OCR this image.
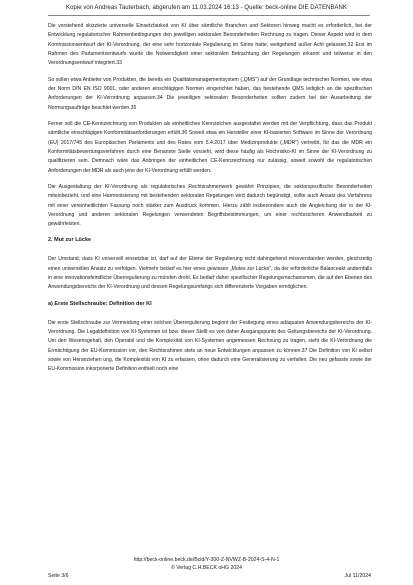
Kopie von Andreas Tauterbach, abgerufen am 11.03.2024 16:13 - Quelle: beck-online DIE DATENBANK

Die vorstehend skizzierte universelle Einsetzbarkeit von KI über sämtliche Branchen und Sektoren hinweg macht es erforderlich, bei der Entwicklung regulatorischer Rahmenbedingungen den jeweiligen sektoralen Besonderheiten Rechnung zu tragen. Dieser Aspekt wird in dem Kommissionsentwurf der KI-Verordnung, der eine sehr horizontale Regulierung im Sinne hatte, weitgehend außer Acht gelassen.32 Erst im Rahmen des Parlamentsentwurfs wurde die Notwendigkeit einer sektoralen Betrachtung der Regelungen erkannt und teilweise in den Verordnungsentwurf integriert.33

So sollen etwa Anbieter von Produkten, die bereits ein Qualitätsmanagementsystem („QMS") auf der Grundlage technischer Normen, wie etwa der Norm DIN EN ISO 9001, oder anderen einschlägigen Normen eingerichtet haben, das bestehende QMS lediglich an die spezifischen Anforderungen der KI-Verordnung anpassen.34 Die jeweiligen sektoralen Besonderheiten sollten zudem bei der Ausarbeitung der Normungsaufträge beachtet werden.35

Ferner soll die CE-Kennzeichnung von Produkten als einheitliches Kennzeichen ausgestaltet werden mit der Verpflichtung, dass das Produkt sämtliche einschlägigen Konformitätsanforderungen erfüllt.36 Soweit etwa ein Hersteller einer KI-basierten Software im Sinne der Verordnung (EU) 2017/745 des Europäischen Parlaments und des Rates vom 5.4.2017 über Medizinprodukte („MDR") vertreibt, für das die MDR ein Konformitätsbewertungsverfahren durch eine Benannte Stelle vorsieht, wird diese häufig als Hochrisiko-KI im Sinne der KI-Verordnung zu qualifizieren sein. Demnach wäre das Anbringen der einheitlichen CE-Kennzeichnung nur zulässig, soweit sowohl die regulatorischen Anforderungen der MDR als auch jene der KI-Verordnung erfüllt werden.

Die Ausgestaltung der KI-Verordnung als regulatorisches Rechtsrahmenwerk gewährt Prinzipien, die sektorspezifische Besonderheiten miteinbezieht, und eine Harmonisierung mit bestehenden sektoralen Regelungen wird dadurch begünstigt, sollte auch Ansatz des Verfahrens mit einer vereinheitlichten Fassung noch stärker zum Ausdruck kommen. Hierzu zählt insbesondere auch die Angleichung der in der KI-Verordnung und anderen sektoralen Regelungen verwendeten Begriffsbestimmungen, um einer rechtssicheren Anwendbarkeit zu gewährleisten.

2. Mut zur Lücke

Der Umstand, dass KI universell einsetzbar ist, darf auf der Ebene der Regulierung nicht dahingehend missverstanden werden, gleichzeitig einen universellen Ansatz zu verfolgen. Vielmehr bedarf es hier eines gewissen „Mutes zur Lücke", da der erforderliche Balanceakt andernfalls in eine innovationsfeindliche Überregulierung zu münden droht. Es bedarf daher spezifischer Regelungsmechanismen, die auf den Ebenen des Anwendungsbereichs der KI-Verordnung und dessen Regelungsumfangs sich differenzierte Vorgaben ermöglichen.

a) Erste Stellschraube: Definition der KI

Die erste Stellschraube zur Vermeidung einer solchen Überregulierung beginnt der Festlegung eines adäquaten Anwendungsbereichs der KI-Verordnung. Die Legaldefinition von KI-Systemen ist bzw. dieser Stellt es von daher Ausgangspunkt des Geltungsbereichs der KI-Verordnung. Um den Wesensgehalt, den Operabil und die Komplexität von KI-Systemen angemessen Rechnung zu tragen, sieht die KI-Verordnung die Ermächtigung der EU-Kommission vor, den Rechtsrahmen stets an neue Entwicklungen anpassen zu können.37 Die Definition von KI selbst sowie von Heranziehen ung, die Komplexität von KI zu erfassen, ohne dadurch eine Generalisierung zu verfallen. Die neu gefasste sowie der EU-Kommission inkorporierte Definition enthielt noch eine

http://beck-online.beck.de/Bcid/Y-300-Z-NVWZ-B-2024-S-4-N-1
© Verlag C.H.BECK oHG 2024
Seite 3/6	Jul 11/2024
